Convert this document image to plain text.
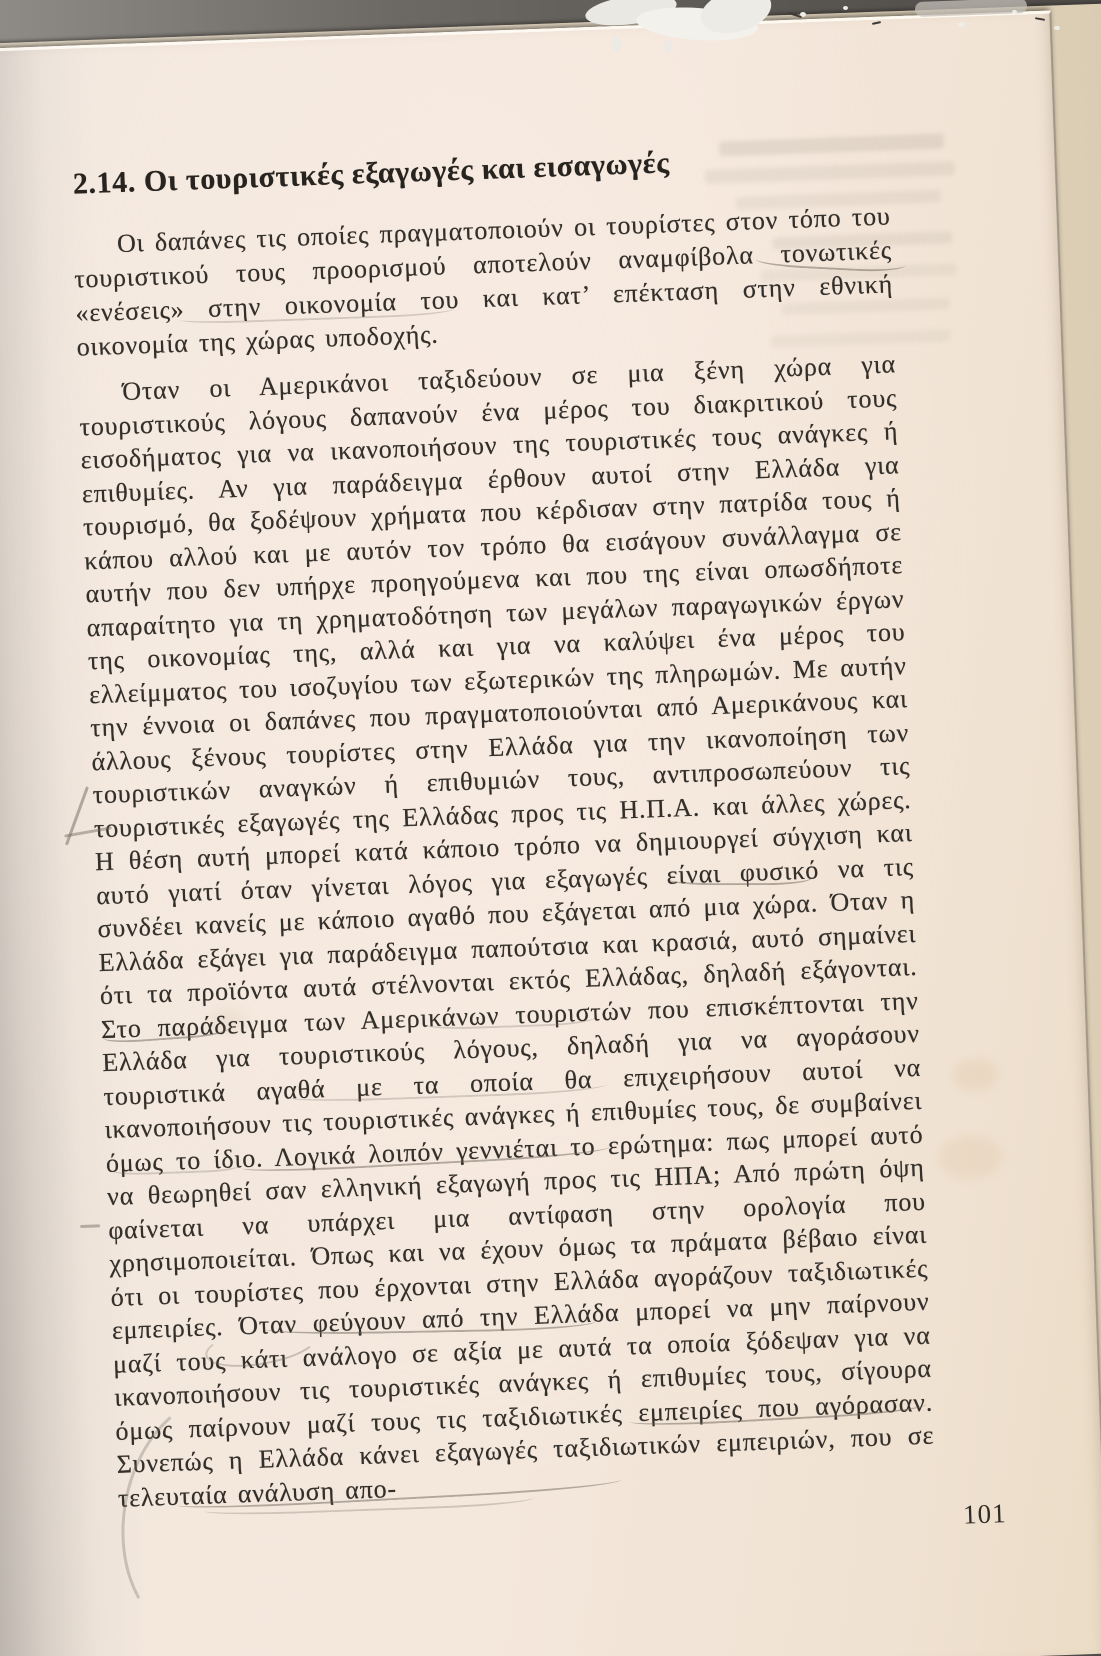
2.14. Οι τουριστικές εξαγωγές και εισαγωγές

Οι δαπάνες τις οποίες πραγματοποιούν οι τουρίστες στον τόπο του τουριστικού τους προορισμού αποτελούν αναμφίβολα τονωτικές «ενέσεις» στην οικονομία του και κατ’ επέκταση στην εθνική οικονομία της χώρας υποδοχής.

Όταν οι Αμερικάνοι ταξιδεύουν σε μια ξένη χώρα για τουριστικούς λόγους δαπανούν ένα μέρος του διακριτικού τους εισοδήματος για να ικανοποιήσουν της τουριστικές τους ανάγκες ή επιθυμίες. Αν για παράδειγμα έρθουν αυτοί στην Ελλάδα για τουρισμό, θα ξοδέψουν χρήματα που κέρδισαν στην πατρίδα τους ή κάπου αλλού και με αυτόν τον τρόπο θα εισάγουν συνάλλαγμα σε αυτήν που δεν υπήρχε προηγούμενα και που της είναι οπωσδήποτε απαραίτητο για τη χρηματοδότηση των μεγάλων παραγωγικών έργων της οικονομίας της, αλλά και για να καλύψει ένα μέρος του ελλείμματος του ισοζυγίου των εξωτερικών της πληρωμών. Με αυτήν την έννοια οι δαπάνες που πραγματοποιούνται από Αμερικάνους και άλλους ξένους τουρίστες στην Ελλάδα για την ικανοποίηση των τουριστικών αναγκών ή επιθυμιών τους, αντιπροσωπεύουν τις τουριστικές εξαγωγές της Ελλάδας προς τις Η.Π.Α. και άλλες χώρες. Η θέση αυτή μπορεί κατά κάποιο τρόπο να δημιουργεί σύγχιση και αυτό γιατί όταν γίνεται λόγος για εξαγωγές είναι φυσικό να τις συνδέει κανείς με κάποιο αγαθό που εξάγεται από μια χώρα. Όταν η Ελλάδα εξάγει για παράδειγμα παπούτσια και κρασιά, αυτό σημαίνει ότι τα προϊόντα αυτά στέλνονται εκτός Ελλάδας, δηλαδή εξάγονται. Στο παράδειγμα των Αμερικάνων τουριστών που επισκέπτονται την Ελλάδα για τουριστικούς λόγους, δηλαδή για να αγοράσουν τουριστικά αγαθά με τα οποία θα επιχειρήσουν αυτοί να ικανοποιήσουν τις τουριστικές ανάγκες ή επιθυμίες τους, δε συμβαίνει όμως το ίδιο. Λογικά λοιπόν γεννιέται το ερώτημα: πως μπορεί αυτό να θεωρηθεί σαν ελληνική εξαγωγή προς τις ΗΠΑ; Από πρώτη όψη φαίνεται να υπάρχει μια αντίφαση στην ορολογία που χρησιμοποιείται. Όπως και να έχουν όμως τα πράματα βέβαιο είναι ότι οι τουρίστες που έρχονται στην Ελλάδα αγοράζουν ταξιδιωτικές εμπειρίες. Όταν φεύγουν από την Ελλάδα μπορεί να μην παίρνουν μαζί τους κάτι ανάλογο σε αξία με αυτά τα οποία ξόδεψαν για να ικανοποιήσουν τις τουριστικές ανάγκες ή επιθυμίες τους, σίγουρα όμως παίρνουν μαζί τους τις ταξιδιωτικές εμπειρίες που αγόρασαν. Συνεπώς η Ελλάδα κάνει εξαγωγές ταξιδιωτικών εμπειριών, που σε τελευταία ανάλυση απο-

101
